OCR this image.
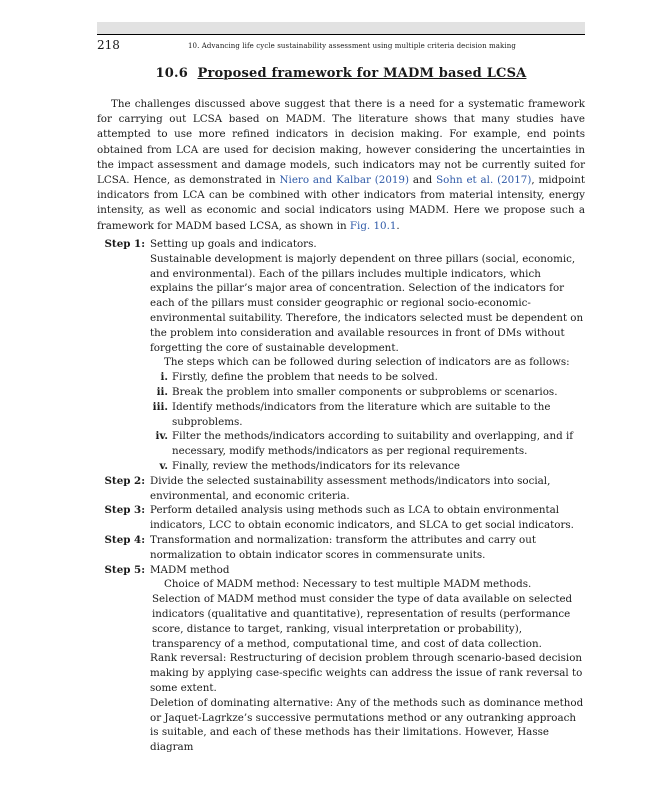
218	10. Advancing life cycle sustainability assessment using multiple criteria decision making
10.6 Proposed framework for MADM based LCSA

The challenges discussed above suggest that there is a need for a systematic framework for carrying out LCSA based on MADM. The literature shows that many studies have attempted to use more refined indicators in decision making. For example, end points obtained from LCA are used for decision making, however considering the uncertainties in the impact assessment and damage models, such indicators may not be currently suited for LCSA. Hence, as demonstrated in Niero and Kalbar (2019) and Sohn et al. (2017), midpoint indicators from LCA can be combined with other indicators from material intensity, energy intensity, as well as economic and social indicators using MADM. Here we propose such a framework for MADM based LCSA, as shown in Fig. 10.1.

Step 1: Setting up goals and indicators.

Sustainable development is majorly dependent on three pillars (social, economic, and environmental). Each of the pillars includes multiple indicators, which explains the pillar’s major area of concentration. Selection of the indicators for each of the pillars must consider geographic or regional socio-economic-environmental suitability. Therefore, the indicators selected must be dependent on the problem into consideration and available resources in front of DMs without forgetting the core of sustainable development.

The steps which can be followed during selection of indicators are as follows:

i. Firstly, define the problem that needs to be solved.
ii. Break the problem into smaller components or subproblems or scenarios.
iii. Identify methods/indicators from the literature which are suitable to the subproblems.
iv. Filter the methods/indicators according to suitability and overlapping, and if necessary, modify methods/indicators as per regional requirements.
v. Finally, review the methods/indicators for its relevance
Step 2: Divide the selected sustainability assessment methods/indicators into social, environmental, and economic criteria.
Step 3: Perform detailed analysis using methods such as LCA to obtain environmental indicators, LCC to obtain economic indicators, and SLCA to get social indicators.
Step 4: Transformation and normalization: transform the attributes and carry out normalization to obtain indicator scores in commensurate units.
Step 5: MADM method

Choice of MADM method: Necessary to test multiple MADM methods.

Selection of MADM method must consider the type of data available on selected indicators (qualitative and quantitative), representation of results (performance score, distance to target, ranking, visual interpretation or probability), transparency of a method, computational time, and cost of data collection.

Rank reversal: Restructuring of decision problem through scenario-based decision making by applying case-specific weights can address the issue of rank reversal to some extent.

Deletion of dominating alternative: Any of the methods such as dominance method or Jaquet-Lagrkze’s successive permutations method or any outranking approach is suitable, and each of these methods has their limitations. However, Hasse diagram
